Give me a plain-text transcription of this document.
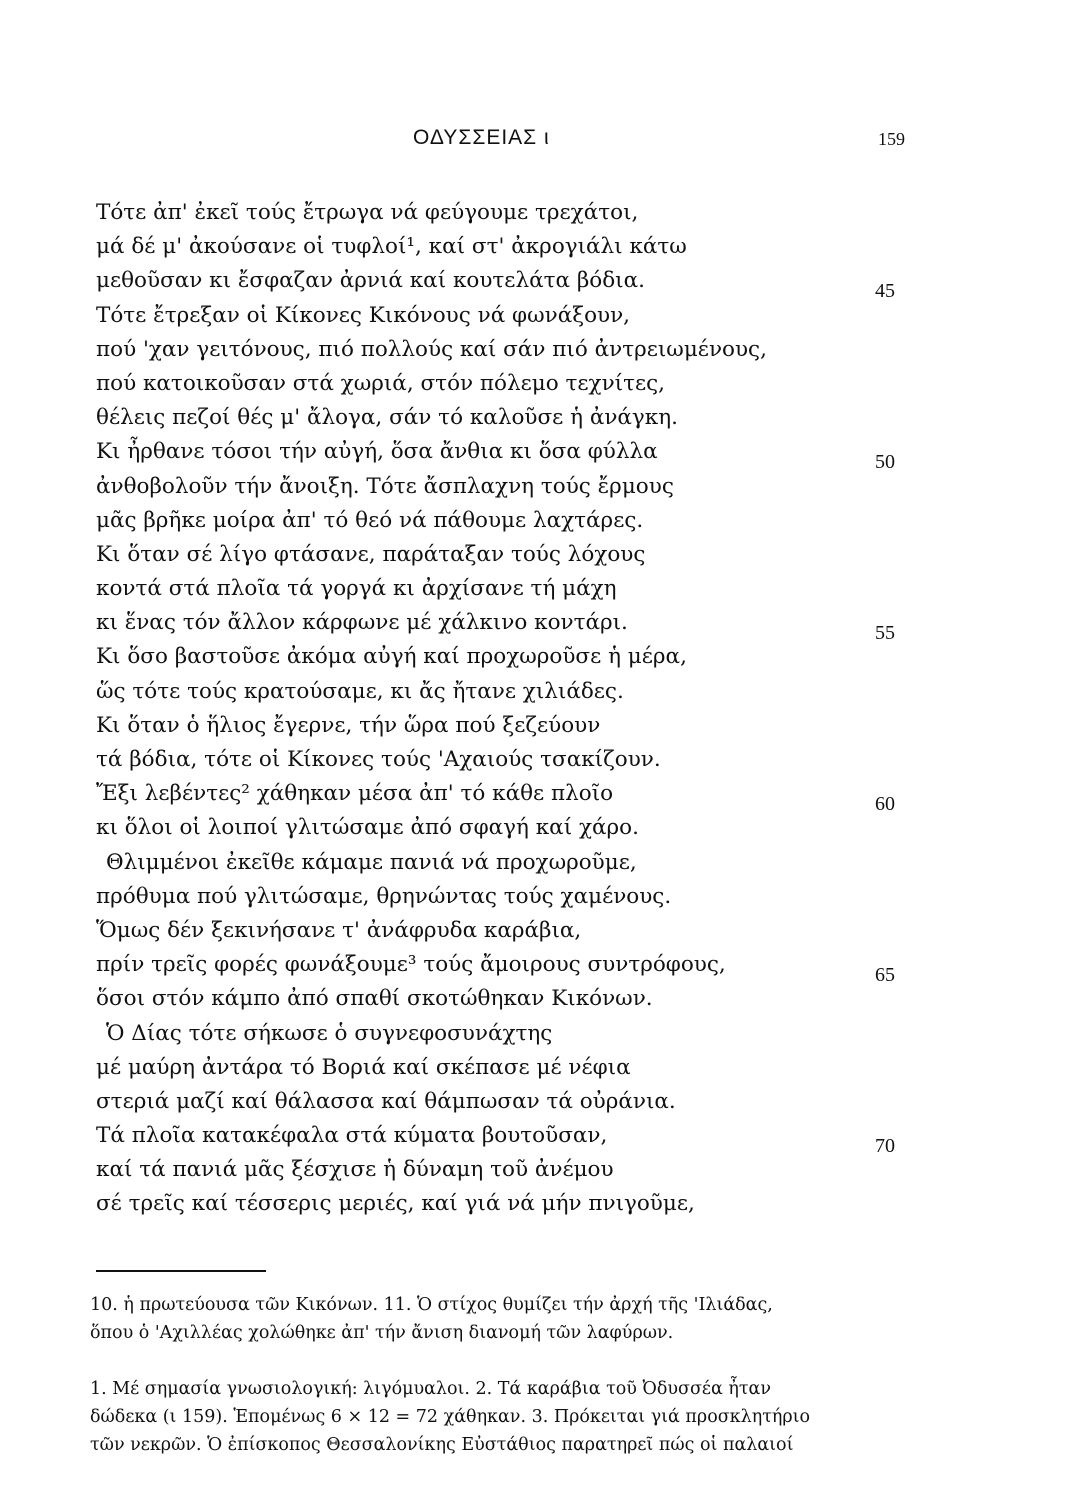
ΟΔΥΣΣΕΙΑΣ ι	159
Τότε ἀπ' ἐκεῖ τούς ἔτρωγα νά φεύγουμε τρεχάτοι,
μά δέ μ' ἀκούσανε οἱ τυφλοί¹, καί στ' ἀκρογιάλι κάτω
μεθοῦσαν κι ἔσφαζαν ἀρνιά καί κουτελάτα βόδια.	45
Τότε ἔτρεξαν οἱ Κίκονες Κικόνους νά φωνάξουν,
πού 'χαν γειτόνους, πιό πολλούς καί σάν πιό ἀντρειωμένους,
πού κατοικοῦσαν στά χωριά, στόν πόλεμο τεχνίτες,
θέλεις πεζοί θές μ' ἄλογα, σάν τό καλοῦσε ἡ ἀνάγκη.
Κι ἦρθανε τόσοι τήν αὐγή, ὅσα ἄνθια κι ὅσα φύλλα	50
ἀνθοβολοῦν τήν ἄνοιξη. Τότε ἄσπλαχνη τούς ἔρμους
μᾶς βρῆκε μοίρα ἀπ' τό θεό νά πάθουμε λαχτάρες.
Κι ὅταν σέ λίγο φτάσανε, παράταξαν τούς λόχους
κοντά στά πλοῖα τά γοργά κι ἀρχίσανε τή μάχη
κι ἕνας τόν ἄλλον κάρφωνε μέ χάλκινο κοντάρι.	55
Κι ὅσο βαστοῦσε ἀκόμα αὐγή καί προχωροῦσε ἡ μέρα,
ὥς τότε τούς κρατούσαμε, κι ἄς ἤτανε χιλιάδες.
Κι ὅταν ὁ ἥλιος ἔγερνε, τήν ὥρα πού ξεζεύουν
τά βόδια, τότε οἱ Κίκονες τούς 'Αχαιούς τσακίζουν.
Ἔξι λεβέντες² χάθηκαν μέσα ἀπ' τό κάθε πλοῖο	60
κι ὅλοι οἱ λοιποί γλιτώσαμε ἀπό σφαγή καί χάρο.
Θλιμμένοι ἐκεῖθε κάμαμε πανιά νά προχωροῦμε,
πρόθυμα πού γλιτώσαμε, θρηνώντας τούς χαμένους.
Ὅμως δέν ξεκινήσανε τ' ἀνάφρυδα καράβια,
πρίν τρεῖς φορές φωνάξουμε³ τούς ἄμοιρους συντρόφους,	65
ὅσοι στόν κάμπο ἀπό σπαθί σκοτώθηκαν Κικόνων.
Ὁ Δίας τότε σήκωσε ὁ συγνεφοσυνάχτης
μέ μαύρη ἀντάρα τό Βοριά καί σκέπασε μέ νέφια
στεριά μαζί καί θάλασσα καί θάμπωσαν τά οὐράνια.
Τά πλοῖα κατακέφαλα στά κύματα βουτοῦσαν,	70
καί τά πανιά μᾶς ξέσχισε ἡ δύναμη τοῦ ἀνέμου
σέ τρεῖς καί τέσσερις μεριές, καί γιά νά μήν πνιγοῦμε,
10. ἡ πρωτεύουσα τῶν Κικόνων. 11. Ὁ στίχος θυμίζει τήν ἀρχή τῆς 'Ιλιάδας,
ὅπου ὁ 'Αχιλλέας χολώθηκε ἀπ' τήν ἄνιση διανομή τῶν λαφύρων.
1. Μέ σημασία γνωσιολογική: λιγόμυαλοι. 2. Τά καράβια τοῦ Ὀδυσσέα ἦταν
δώδεκα (ι 159). Ἑπομένως 6 × 12 = 72 χάθηκαν. 3. Πρόκειται γιά προσκλητήριο
τῶν νεκρῶν. Ὁ ἐπίσκοπος Θεσσαλονίκης Εὐστάθιος παρατηρεῖ πώς οἱ παλαιοί
